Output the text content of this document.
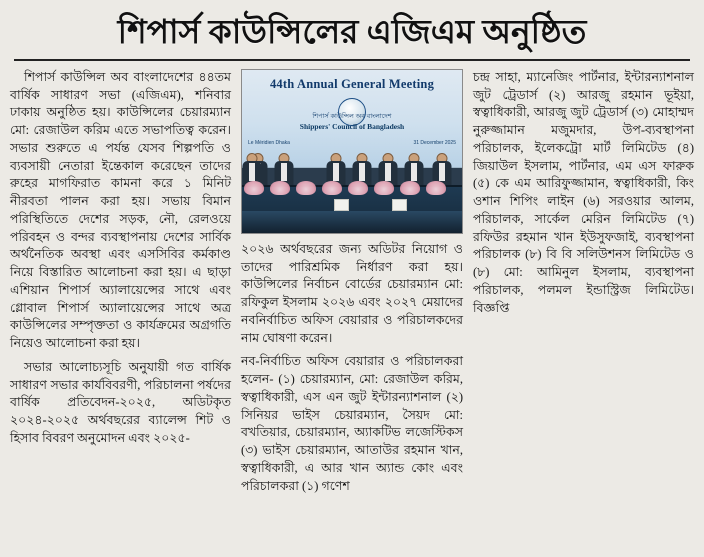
শিপার্স কাউন্সিলের এজিএম অনুষ্ঠিত

শিপার্স কাউন্সিল অব বাংলাদেশের ৪৪তম বার্ষিক সাধারণ সভা (এজিএম), শনিবার ঢাকায় অনুষ্ঠিত হয়। কাউন্সিলের চেয়ারম্যান মো: রেজাউল করিম এতে সভাপতিত্ব করেন। সভার শুরুতে এ পর্যন্ত যেসব শিল্পপতি ও ব্যবসায়ী নেতারা ইন্তেকাল করেছেন তাদের রুহের মাগফিরাত কামনা করে ১ মিনিট নীরবতা পালন করা হয়। সভায় বিমান পরিস্থিতিতে দেশের সড়ক, নৌ, রেলওয়ে পরিবহন ও বন্দর ব্যবস্থাপনায় দেশের সার্বিক অর্থনৈতিক অবস্থা এবং এসসিবির কর্মকাণ্ড নিয়ে বিস্তারিত আলোচনা করা হয়। এ ছাড়া এশিয়ান শিপার্স অ্যালায়েন্সের সাথে এবং গ্লোবাল শিপার্স অ্যালায়েন্সের সাথে অত্র কাউন্সিলের সম্পৃক্ততা ও কার্যক্রমের অগ্রগতি নিয়েও আলোচনা করা হয়।

সভার আলোচ্যসূচি অনুযায়ী গত বার্ষিক সাধারণ সভার কার্যবিবরণী, পরিচালনা পর্ষদের বার্ষিক প্রতিবেদন-২০২৫, অডিটকৃত ২০২৪-২০২৫ অর্থবছরের ব্যালেন্স শিট ও হিসাব বিবরণ অনুমোদন এবং ২০২৫-

44th Annual General Meeting
শিপার্স কাউন্সিল অব বাংলাদেশ
Shippers' Council of Bangladesh
Le Méridien Dhaka	31 December 2025

২০২৬ অর্থবছরের জন্য অডিটর নিয়োগ ও তাদের পারিশ্রমিক নির্ধারণ করা হয়। কাউন্সিলের নির্বাচন বোর্ডের চেয়ারম্যান মো: রফিকুল ইসলাম ২০২৬ এবং ২০২৭ মেয়াদের নবনির্বাচিত অফিস বেয়ারার ও পরিচালকদের নাম ঘোষণা করেন।

নব-নির্বাচিত অফিস বেয়ারার ও পরিচালকরা হলেন- (১) চেয়ারম্যান, মো: রেজাউল করিম, স্বত্বাধিকারী, এস এন জুট ইন্টারন্যাশনাল (২) সিনিয়র ভাইস চেয়ারম্যান, সৈয়দ মো: বখতিয়ার, চেয়ারম্যান, অ্যাকটিভ লজেস্টিকস (৩) ভাইস চেয়ারম্যান, আতাউর রহমান খান, স্বত্বাধিকারী, এ আর খান অ্যান্ড কোং এবং পরিচালকরা (১) গণেশ

চন্দ্র সাহা, ম্যানেজিং পার্টনার, ইন্টারন্যাশনাল জুট ট্রেডার্স (২) আরজু রহমান ভূইয়া, স্বত্বাধিকারী, আরজু জুট ট্রেডার্স (৩) মোহাম্মদ নুরুজ্জামান মজুমদার, উপ-ব্যবস্থাপনা পরিচালক, ইলেকট্রো মার্ট লিমিটেড (৪) জিয়াউল ইসলাম, পার্টনার, এম এস ফারুক (৫) কে এম আরিফুজ্জামান, স্বত্বাধিকারী, কিং ওশান শিপিং লাইন (৬) সরওয়ার আলম, পরিচালক, সার্কেল মেরিন লিমিটেড (৭) রফিউর রহমান খান ইউসুফজাই, ব্যবস্থাপনা পরিচালক (৮) বি বি সলিউশনস লিমিটেড ও (৮) মো: আমিনুল ইসলাম, ব্যবস্থাপনা পরিচালক, পলমল ইন্ডাস্ট্রিজ লিমিটেড। বিজ্ঞপ্তি
